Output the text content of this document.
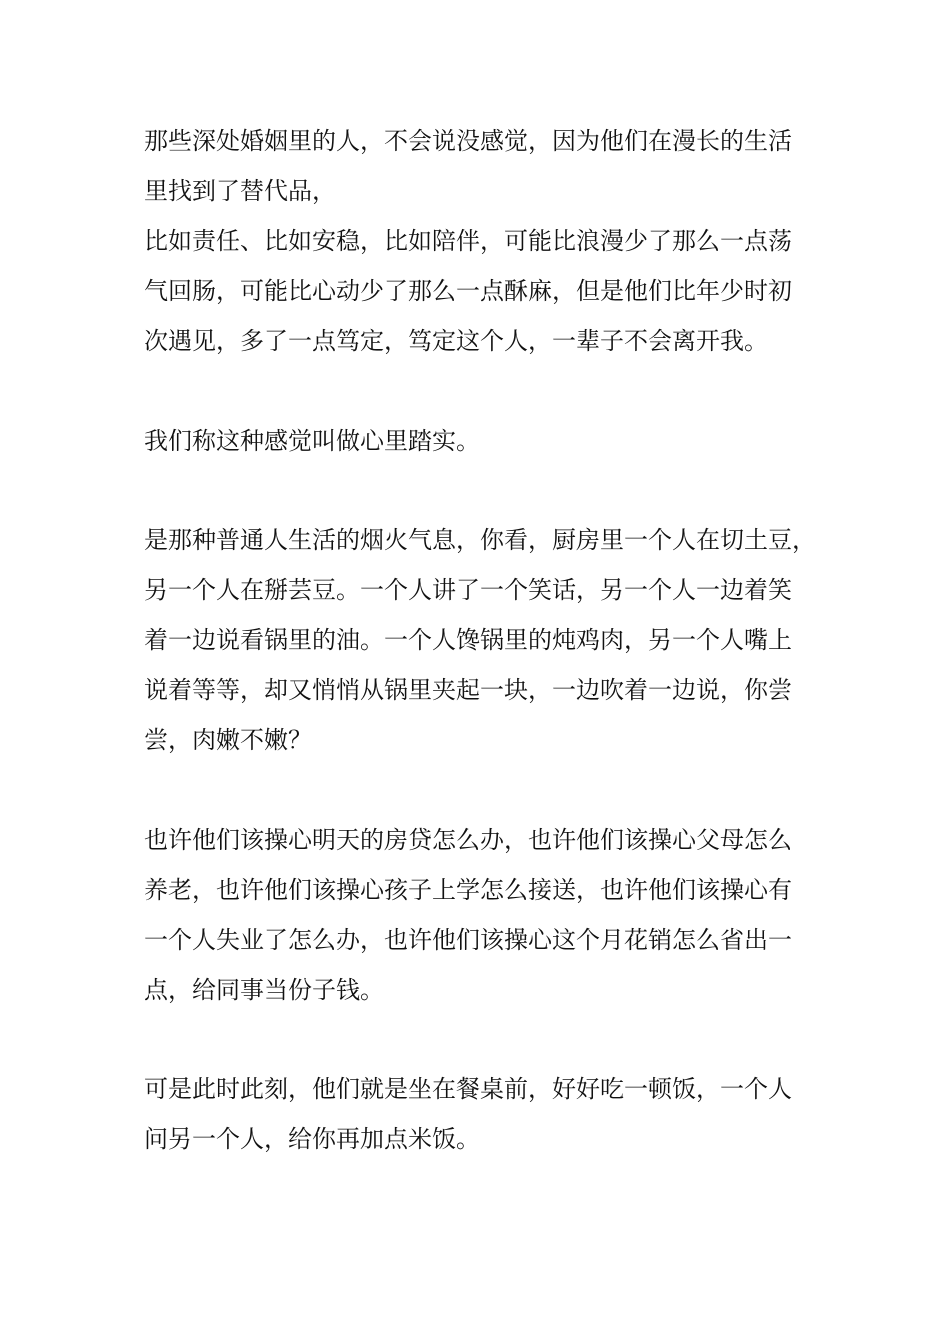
那些深处婚姻里的人，不会说没感觉，因为他们在漫长的生活
里找到了替代品，
比如责任、比如安稳，比如陪伴，可能比浪漫少了那么一点荡
气回肠，可能比心动少了那么一点酥麻，但是他们比年少时初
次遇见，多了一点笃定，笃定这个人，一辈子不会离开我。
我们称这种感觉叫做心里踏实。
是那种普通人生活的烟火气息，你看，厨房里一个人在切土豆，
另一个人在掰芸豆。一个人讲了一个笑话，另一个人一边着笑
着一边说看锅里的油。一个人馋锅里的炖鸡肉，另一个人嘴上
说着等等，却又悄悄从锅里夹起一块，一边吹着一边说，你尝
尝，肉嫩不嫩？
也许他们该操心明天的房贷怎么办，也许他们该操心父母怎么
养老，也许他们该操心孩子上学怎么接送，也许他们该操心有
一个人失业了怎么办，也许他们该操心这个月花销怎么省出一
点，给同事当份子钱。
可是此时此刻，他们就是坐在餐桌前，好好吃一顿饭，一个人
问另一个人，给你再加点米饭。
